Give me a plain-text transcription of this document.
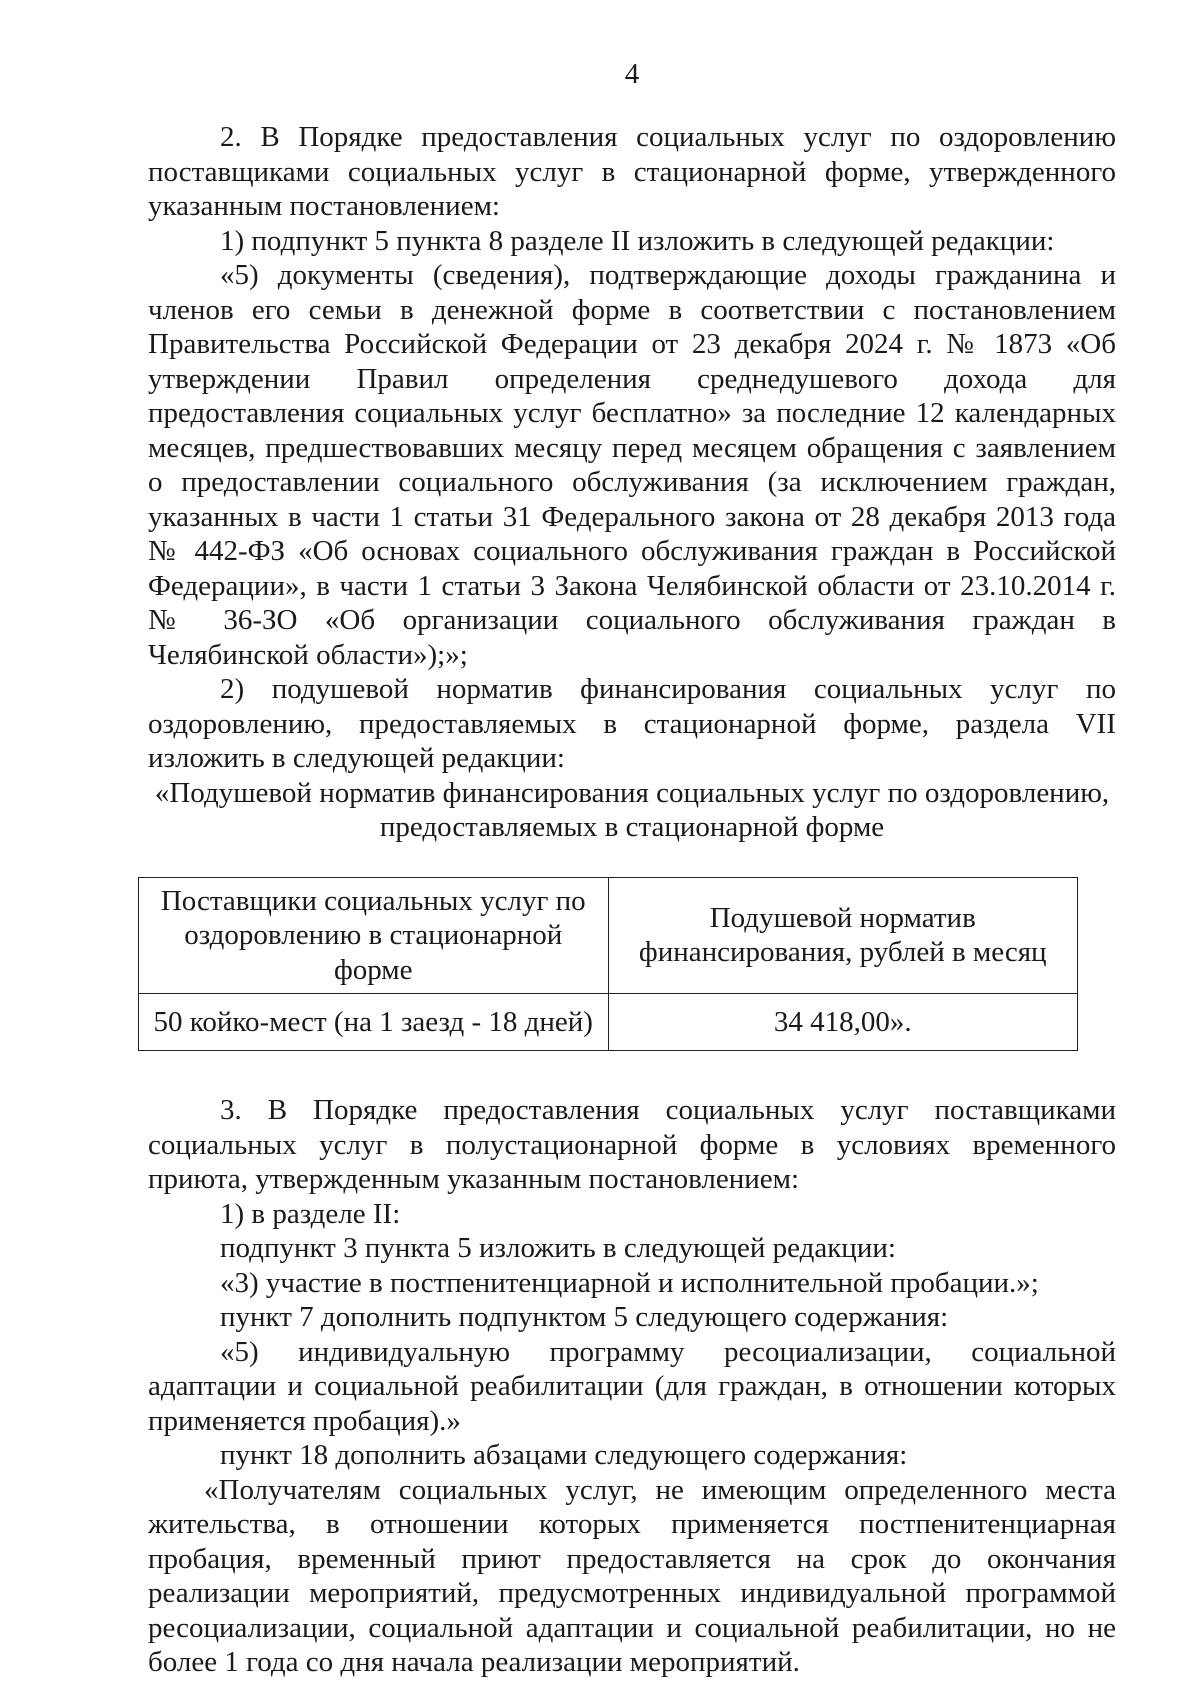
4

2. В Порядке предоставления социальных услуг по оздоровлению поставщиками социальных услуг в стационарной форме, утвержденного указанным постановлением:

1) подпункт 5 пункта 8 разделе II изложить в следующей редакции:

«5) документы (сведения), подтверждающие доходы гражданина и членов его семьи в денежной форме в соответствии с постановлением Правительства Российской Федерации от 23 декабря 2024 г. № 1873 «Об утверждении Правил определения среднедушевого дохода для предоставления социальных услуг бесплатно» за последние 12 календарных месяцев, предшествовавших месяцу перед месяцем обращения с заявлением о предоставлении социального обслуживания (за исключением граждан, указанных в части 1 статьи 31 Федерального закона от 28 декабря 2013 года № 442-ФЗ «Об основах социального обслуживания граждан в Российской Федерации», в части 1 статьи 3 Закона Челябинской области от 23.10.2014 г. № 36-ЗО «Об организации социального обслуживания граждан в Челябинской области»);»;

2) подушевой норматив финансирования социальных услуг по оздоровлению, предоставляемых в стационарной форме, раздела VII изложить в следующей редакции:

«Подушевой норматив финансирования социальных услуг по оздоровлению,

предоставляемых в стационарной форме

Поставщики социальных услуг по оздоровлению в стационарной форме	Подушевой норматив финансирования, рублей в месяц
50 койко-мест (на 1 заезд - 18 дней)	34 418,00».

3. В Порядке предоставления социальных услуг поставщиками социальных услуг в полустационарной форме в условиях временного приюта, утвержденным указанным постановлением:

1) в разделе II:

подпункт 3 пункта 5 изложить в следующей редакции:

«3) участие в постпенитенциарной и исполнительной пробации.»;

пункт 7 дополнить подпунктом 5 следующего содержания:

«5) индивидуальную программу ресоциализации, социальной адаптации и социальной реабилитации (для граждан, в отношении которых применяется пробация).»

пункт 18 дополнить абзацами следующего содержания:

«Получателям социальных услуг, не имеющим определенного места жительства, в отношении которых применяется постпенитенциарная пробация, временный приют предоставляется на срок до окончания реализации мероприятий, предусмотренных индивидуальной программой ресоциализации, социальной адаптации и социальной реабилитации, но не более 1 года со дня начала реализации мероприятий.
